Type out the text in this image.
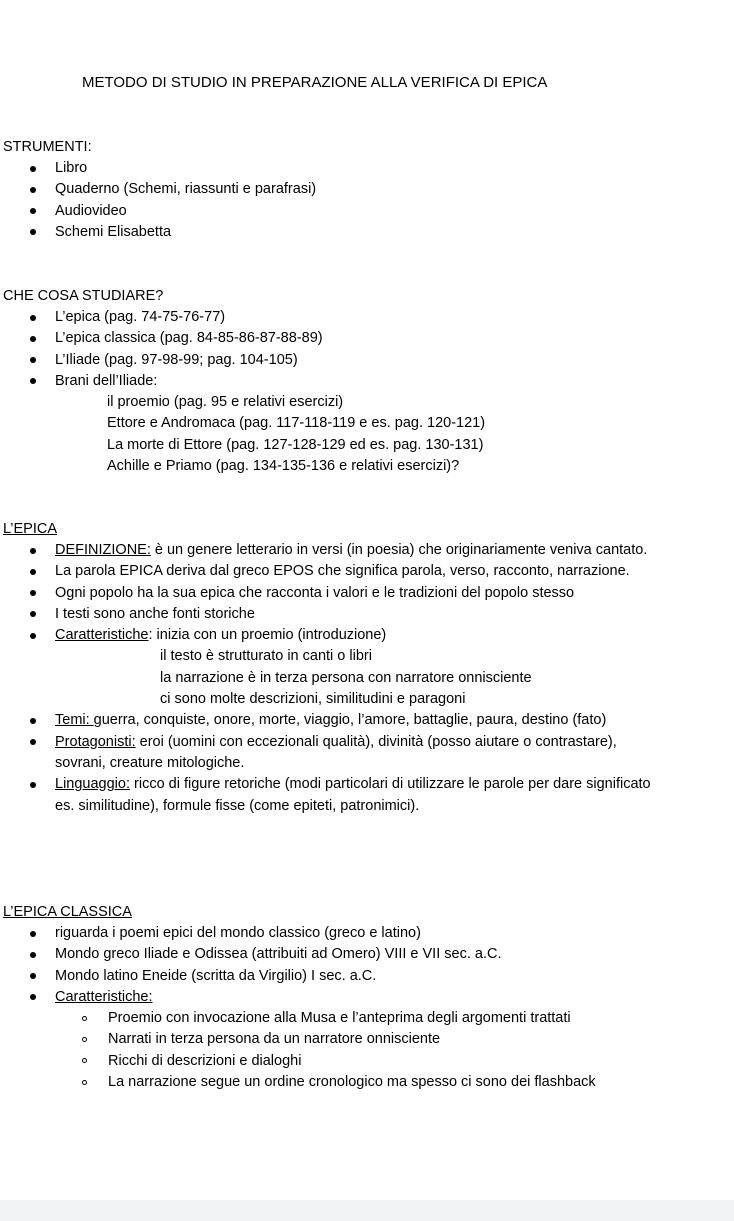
METODO DI STUDIO IN PREPARAZIONE ALLA VERIFICA DI EPICA
STRUMENTI:
Libro
Quaderno (Schemi, riassunti e parafrasi)
Audiovideo
Schemi Elisabetta
CHE COSA STUDIARE?
L’epica (pag. 74-75-76-77)
L’epica classica (pag. 84-85-86-87-88-89)
L’Iliade (pag. 97-98-99; pag. 104-105)
Brani dell’Iliade:
il proemio (pag. 95 e relativi esercizi)
Ettore e Andromaca (pag. 117-118-119 e es. pag. 120-121)
La morte di Ettore (pag. 127-128-129 ed es. pag. 130-131)
Achille e Priamo (pag. 134-135-136 e relativi esercizi)?
L’EPICA
DEFINIZIONE: è un genere letterario in versi (in poesia) che originariamente veniva cantato.
La parola EPICA deriva dal greco EPOS che significa parola, verso, racconto, narrazione.
Ogni popolo ha la sua epica che racconta i valori e le tradizioni del popolo stesso
I testi sono anche fonti storiche
Caratteristiche: inizia con un proemio (introduzione)
il testo è strutturato in canti o libri
la narrazione è in terza persona con narratore onnisciente
ci sono molte descrizioni, similitudini e paragoni
Temi: guerra, conquiste, onore, morte, viaggio, l’amore, battaglie, paura, destino (fato)
Protagonisti: eroi (uomini con eccezionali qualità), divinità (posso aiutare o contrastare), sovrani, creature mitologiche.
Linguaggio: ricco di figure retoriche (modi particolari di utilizzare le parole per dare significato es. similitudine), formule fisse (come epiteti, patronimici).
L’EPICA CLASSICA
riguarda i poemi epici del mondo classico (greco e latino)
Mondo greco Iliade e Odissea (attribuiti ad Omero) VIII e VII sec. a.C.
Mondo latino Eneide (scritta da Virgilio) I sec. a.C.
Caratteristiche:
Proemio con invocazione alla Musa e l’anteprima degli argomenti trattati
Narrati in terza persona da un narratore onnisciente
Ricchi di descrizioni e dialoghi
La narrazione segue un ordine cronologico ma spesso ci sono dei flashback
